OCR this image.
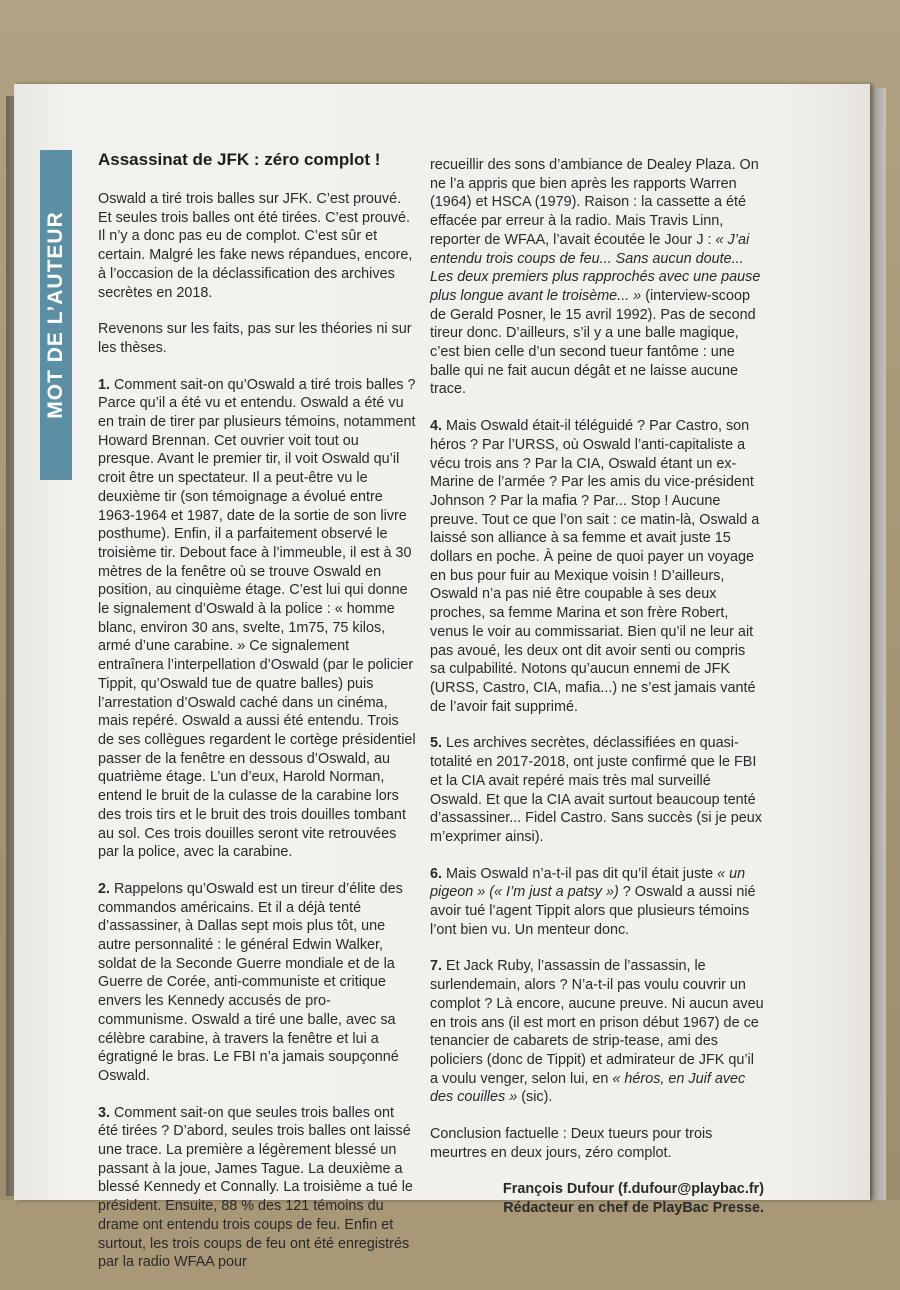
MOT DE L’AUTEUR
Assassinat de JFK : zéro complot !

Oswald a tiré trois balles sur JFK. C’est prouvé. Et seules trois balles ont été tirées. C’est prouvé. Il n’y a donc pas eu de complot. C’est sûr et certain. Malgré les fake news répandues, encore, à l’occasion de la déclassification des archives secrètes en 2018.

Revenons sur les faits, pas sur les théories ni sur les thèses.

1. Comment sait-on qu’Oswald a tiré trois balles ? Parce qu’il a été vu et entendu. Oswald a été vu en train de tirer par plusieurs témoins, notamment Howard Brennan. Cet ouvrier voit tout ou presque. Avant le premier tir, il voit Oswald qu’il croit être un spectateur. Il a peut-être vu le deuxième tir (son témoignage a évolué entre 1963-1964 et 1987, date de la sortie de son livre posthume). Enfin, il a parfaitement observé le troisième tir. Debout face à l’immeuble, il est à 30 mètres de la fenêtre où se trouve Oswald en position, au cinquième étage. C’est lui qui donne le signalement d’Oswald à la police : « homme blanc, environ 30 ans, svelte, 1m75, 75 kilos, armé d’une carabine. » Ce signalement entraînera l’interpellation d’Oswald (par le policier Tippit, qu’Oswald tue de quatre balles) puis l’arrestation d’Oswald caché dans un cinéma, mais repéré. Oswald a aussi été entendu. Trois de ses collègues regardent le cortège présidentiel passer de la fenêtre en dessous d’Oswald, au quatrième étage. L’un d’eux, Harold Norman, entend le bruit de la culasse de la carabine lors des trois tirs et le bruit des trois douilles tombant au sol. Ces trois douilles seront vite retrouvées par la police, avec la carabine.

2. Rappelons qu’Oswald est un tireur d’élite des commandos américains. Et il a déjà tenté d’assassiner, à Dallas sept mois plus tôt, une autre personnalité : le général Edwin Walker, soldat de la Seconde Guerre mondiale et de la Guerre de Corée, anti-communiste et critique envers les Kennedy accusés de pro-communisme. Oswald a tiré une balle, avec sa célèbre carabine, à travers la fenêtre et lui a égratigné le bras. Le FBI n’a jamais soupçonné Oswald.

3. Comment sait-on que seules trois balles ont été tirées ? D’abord, seules trois balles ont laissé une trace. La première a légèrement blessé un passant à la joue, James Tague. La deuxième a blessé Kennedy et Connally. La troisième a tué le président. Ensuite, 88 % des 121 témoins du drame ont entendu trois coups de feu. Enfin et surtout, les trois coups de feu ont été enregistrés par la radio WFAA pour

recueillir des sons d’ambiance de Dealey Plaza. On ne l’a appris que bien après les rapports Warren (1964) et HSCA (1979). Raison : la cassette a été effacée par erreur à la radio. Mais Travis Linn, reporter de WFAA, l’avait écoutée le Jour J : « J’ai entendu trois coups de feu... Sans aucun doute... Les deux premiers plus rapprochés avec une pause plus longue avant le troisème... » (interview-scoop de Gerald Posner, le 15 avril 1992). Pas de second tireur donc. D’ailleurs, s’il y a une balle magique, c’est bien celle d’un second tueur fantôme : une balle qui ne fait aucun dégât et ne laisse aucune trace.

4. Mais Oswald était-il téléguidé ? Par Castro, son héros ? Par l’URSS, où Oswald l’anti-capitaliste a vécu trois ans ? Par la CIA, Oswald étant un ex-Marine de l’armée ? Par les amis du vice-président Johnson ? Par la mafia ? Par... Stop ! Aucune preuve. Tout ce que l’on sait : ce matin-là, Oswald a laissé son alliance à sa femme et avait juste 15 dollars en poche. À peine de quoi payer un voyage en bus pour fuir au Mexique voisin ! D’ailleurs, Oswald n’a pas nié être coupable à ses deux proches, sa femme Marina et son frère Robert, venus le voir au commissariat. Bien qu’il ne leur ait pas avoué, les deux ont dit avoir senti ou compris sa culpabilité. Notons qu’aucun ennemi de JFK (URSS, Castro, CIA, mafia...) ne s’est jamais vanté de l’avoir fait supprimé.

5. Les archives secrètes, déclassifiées en quasi-totalité en 2017-2018, ont juste confirmé que le FBI et la CIA avait repéré mais très mal surveillé Oswald. Et que la CIA avait surtout beaucoup tenté d’assassiner... Fidel Castro. Sans succès (si je peux m’exprimer ainsi).

6. Mais Oswald n’a-t-il pas dit qu’il était juste « un pigeon » (« I’m just a patsy ») ? Oswald a aussi nié avoir tué l’agent Tippit alors que plusieurs témoins l’ont bien vu. Un menteur donc.

7. Et Jack Ruby, l’assassin de l’assassin, le surlendemain, alors ? N’a-t-il pas voulu couvrir un complot ? Là encore, aucune preuve. Ni aucun aveu en trois ans (il est mort en prison début 1967) de ce tenancier de cabarets de strip-tease, ami des policiers (donc de Tippit) et admirateur de JFK qu’il a voulu venger, selon lui, en « héros, en Juif avec des couilles » (sic).

Conclusion factuelle : Deux tueurs pour trois meurtres en deux jours, zéro complot.

François Dufour (f.dufour@playbac.fr)
Rédacteur en chef de PlayBac Presse.
